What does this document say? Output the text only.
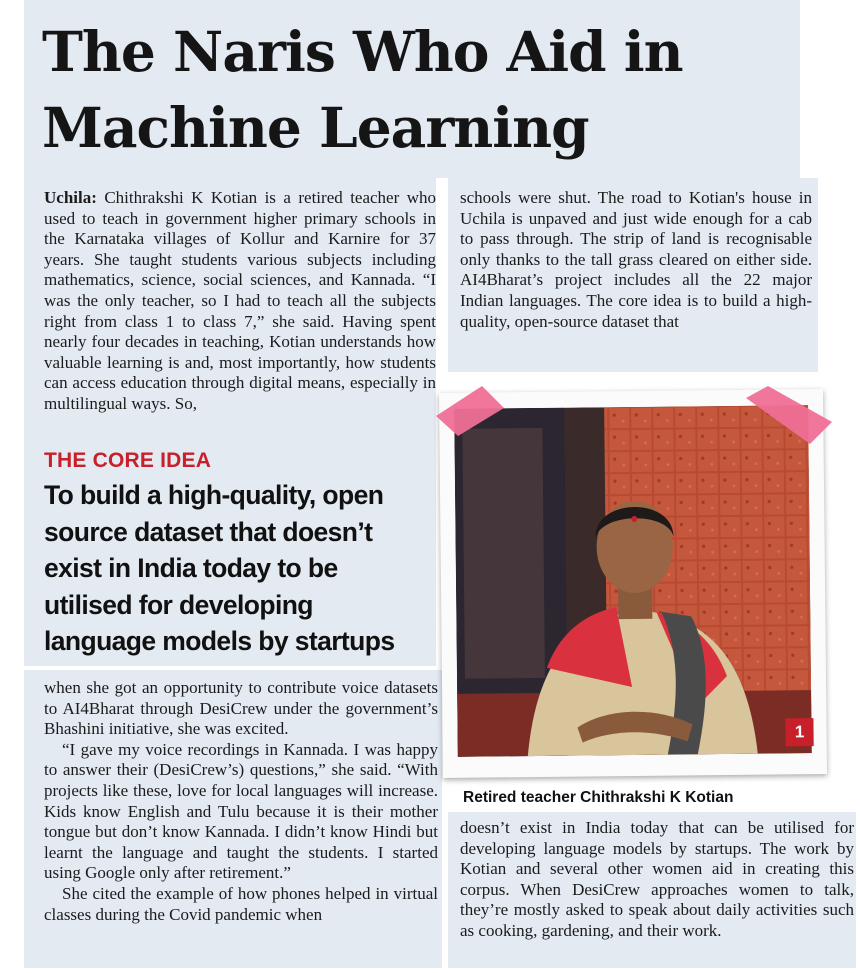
The Naris Who Aid in
Machine Learning

Uchila: Chithrakshi K Kotian is a retired teacher who used to teach in government higher primary schools in the Karnataka villages of Kollur and Karnire for 37 years. She taught students various subjects including mathematics, science, social sciences, and Kannada. “I was the only teacher, so I had to teach all the subjects right from class 1 to class 7,” she said. Having spent nearly four decades in teaching, Kotian understands how valuable learning is and, most importantly, how students can access education through digital means, especially in multilingual ways. So,

schools were shut. The road to Kotian's house in Uchila is unpaved and just wide enough for a cab to pass through. The strip of land is recognisable only thanks to the tall grass cleared on either side. AI4Bharat’s project includes all the 22 major Indian languages. The core idea is to build a high-quality, open-source dataset that

THE CORE IDEA
To build a high-quality, open
source dataset that doesn’t
exist in India today to be
utilised for developing
language models by startups

when she got an opportunity to contribute voice datasets to AI4Bharat through DesiCrew under the government’s Bhashini initiative, she was excited.

“I gave my voice recordings in Kannada. I was happy to answer their (DesiCrew’s) questions,” she said. “With projects like these, love for local languages will increase. Kids know English and Tulu because it is their mother tongue but don’t know Kannada. I didn’t know Hindi but learnt the language and taught the students. I started using Google only after retirement.”

She cited the example of how phones helped in virtual classes during the Covid pandemic when

doesn’t exist in India today that can be utilised for developing language models by startups. The work by Kotian and several other women aid in creating this corpus. When DesiCrew approaches women to talk, they’re mostly asked to speak about daily activities such as cooking, gardening, and their work.

1
Retired teacher Chithrakshi K Kotian
